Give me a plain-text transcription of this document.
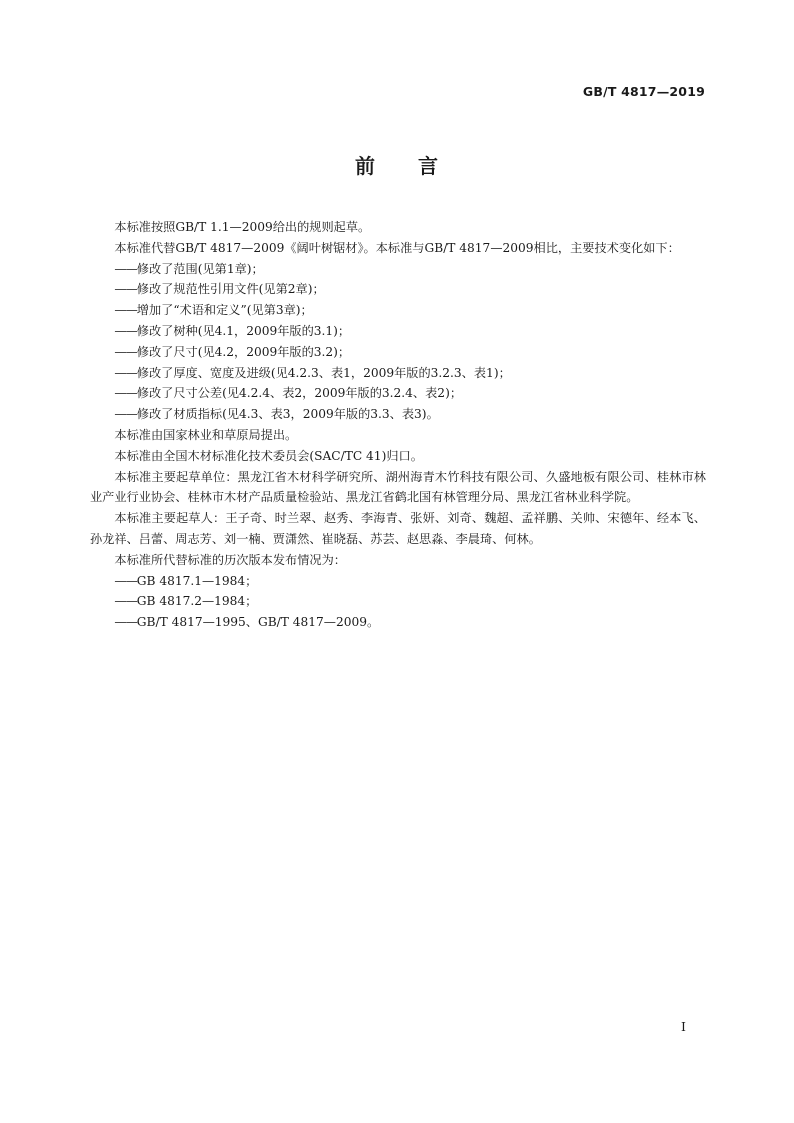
GB/T 4817—2019
前 言

本标准按照GB/T 1.1—2009给出的规则起草。

本标准代替GB/T 4817—2009《阔叶树锯材》。本标准与GB/T 4817—2009相比，主要技术变化如下：

—— 修改了范围(见第1章)；

—— 修改了规范性引用文件(见第2章)；

—— 增加了“术语和定义”(见第3章)；

—— 修改了树种(见4.1，2009年版的3.1)；

—— 修改了尺寸(见4.2，2009年版的3.2)；

—— 修改了厚度、宽度及进级(见4.2.3、表1，2009年版的3.2.3、表1)；

—— 修改了尺寸公差(见4.2.4、表2，2009年版的3.2.4、表2)；

—— 修改了材质指标(见4.3、表3，2009年版的3.3、表3)。

本标准由国家林业和草原局提出。

本标准由全国木材标准化技术委员会(SAC/TC 41)归口。

本标准主要起草单位：黑龙江省木材科学研究所、湖州海青木竹科技有限公司、久盛地板有限公司、桂林市林业产业行业协会、桂林市木材产品质量检验站、黑龙江省鹤北国有林管理分局、黑龙江省林业科学院。

本标准主要起草人：王子奇、时兰翠、赵秀、李海青、张妍、刘奇、魏超、孟祥鹏、关帅、宋德年、经本飞、孙龙祥、吕蕾、周志芳、刘一楠、贾潇然、崔晓磊、苏芸、赵思淼、李晨琦、何林。

本标准所代替标准的历次版本发布情况为：

—— GB 4817.1—1984；

—— GB 4817.2—1984；

—— GB/T 4817—1995、GB/T 4817—2009。

I
